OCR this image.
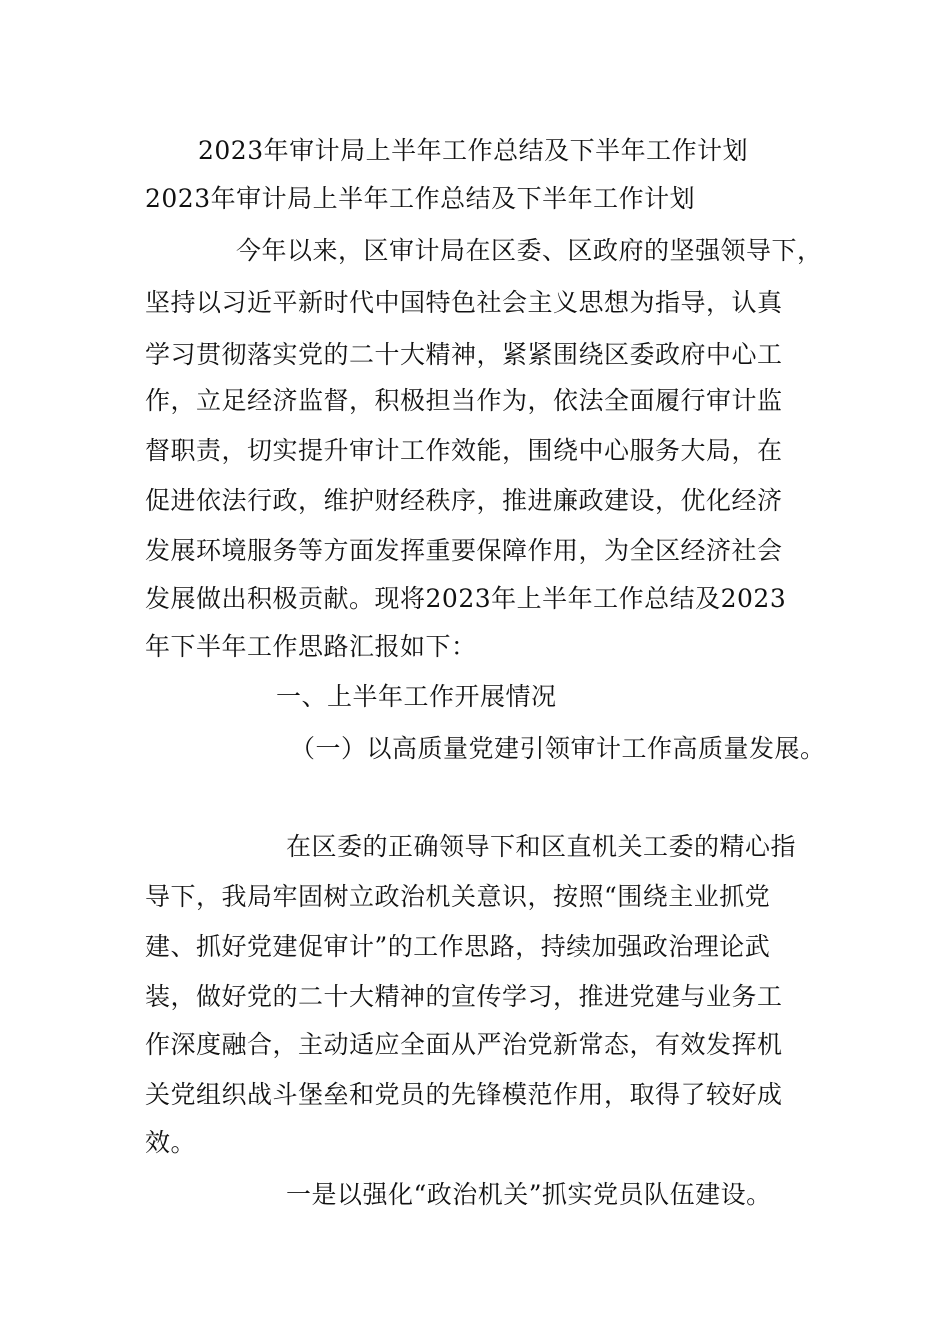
2023年审计局上半年工作总结及下半年工作计划
2023年审计局上半年工作总结及下半年工作计划
今年以来，区审计局在区委、区政府的坚强领导下，
坚持以习近平新时代中国特色社会主义思想为指导，认真
学习贯彻落实党的二十大精神，紧紧围绕区委政府中心工
作，立足经济监督，积极担当作为，依法全面履行审计监
督职责，切实提升审计工作效能，围绕中心服务大局，在
促进依法行政，维护财经秩序，推进廉政建设，优化经济
发展环境服务等方面发挥重要保障作用，为全区经济社会
发展做出积极贡献。现将2023年上半年工作总结及2023
年下半年工作思路汇报如下：
一、上半年工作开展情况
（一）以高质量党建引领审计工作高质量发展。
在区委的正确领导下和区直机关工委的精心指
导下，我局牢固树立政治机关意识，按照“围绕主业抓党
建、抓好党建促审计”的工作思路，持续加强政治理论武
装，做好党的二十大精神的宣传学习，推进党建与业务工
作深度融合，主动适应全面从严治党新常态，有效发挥机
关党组织战斗堡垒和党员的先锋模范作用，取得了较好成
效。
一是以强化“政治机关”抓实党员队伍建设。
